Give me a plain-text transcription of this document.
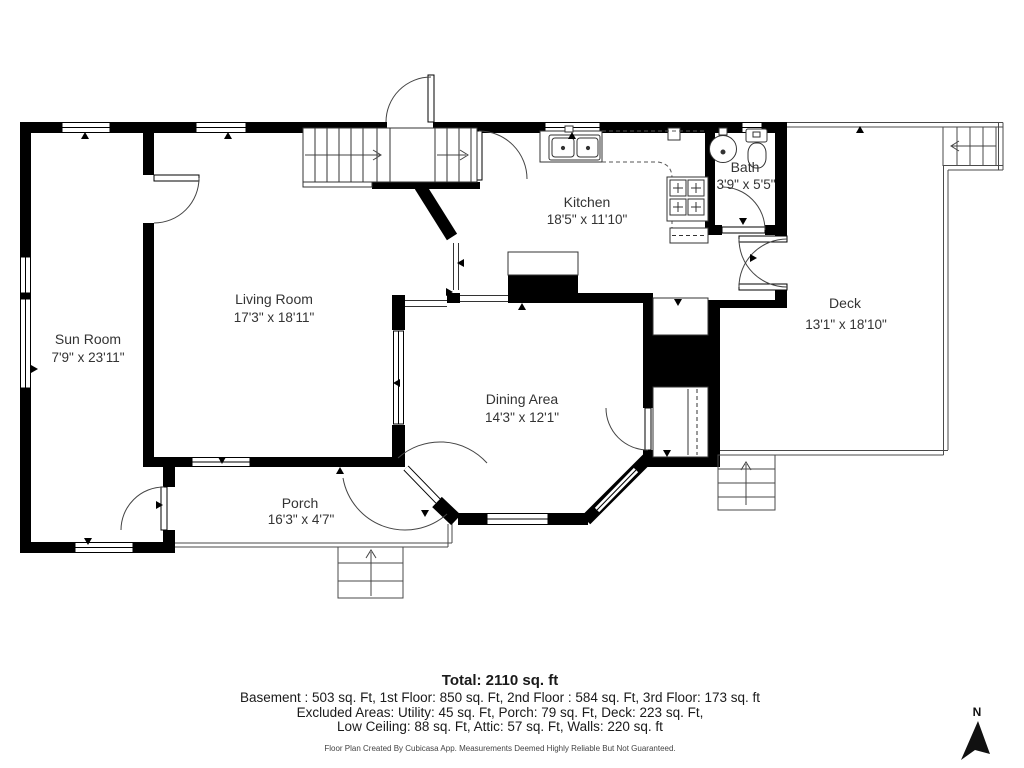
Sun Room
7'9" x 23'11"
Living Room
17'3" x 18'11"
Kitchen
18'5" x 11'10"
Bath
3'9" x 5'5"
Dining Area
14'3" x 12'1"
Deck
13'1" x 18'10"
Porch
16'3" x 4'7"
N

Total: 2110 sq. ft

Basement : 503 sq. Ft, 1st Floor: 850 sq. Ft, 2nd Floor : 584 sq. Ft, 3rd Floor: 173 sq. ft

Excluded Areas: Utility: 45 sq. Ft, Porch: 79 sq. Ft, Deck: 223 sq. Ft,

Low Ceiling: 88 sq. Ft, Attic: 57 sq. Ft, Walls: 220 sq. ft

Floor Plan Created By Cubicasa App. Measurements Deemed Highly Reliable But Not Guaranteed.
